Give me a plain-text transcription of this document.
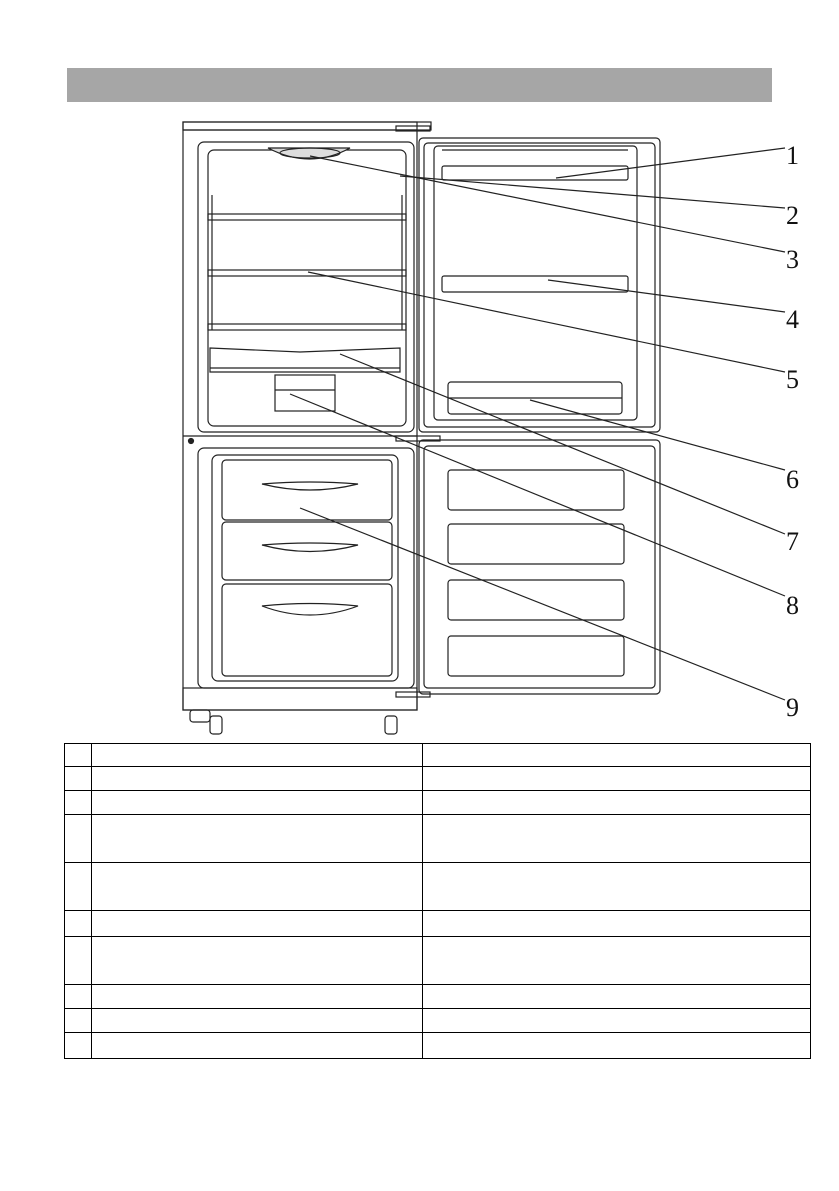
1
2
3
4
5
6
7
8
9
